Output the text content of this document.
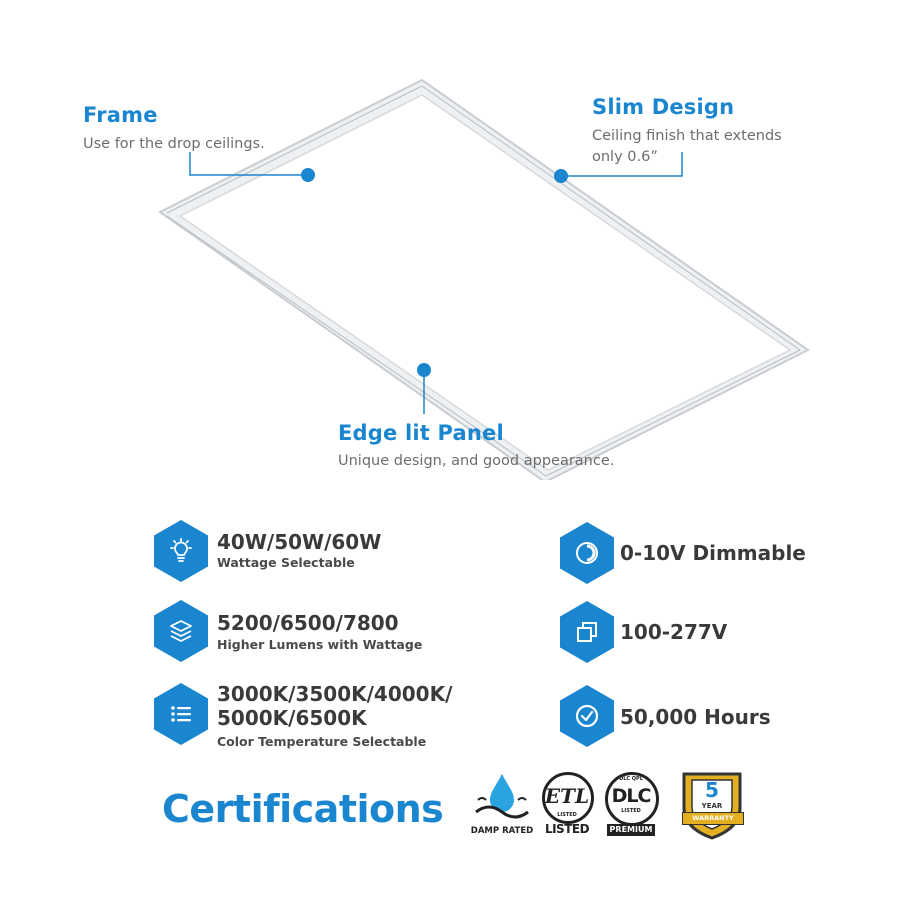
Frame
Use for the drop ceilings.
Slim Design
Ceiling finish that extends
only 0.6”
Edge lit Panel
Unique design, and good appearance.
40W/50W/60W
Wattage Selectable
5200/6500/7800
Higher Lumens with Wattage
3000K/3500K/4000K/
5000K/6500K
Color Temperature Selectable
0-10V Dimmable
100-277V
50,000 Hours
Certifications	DAMP RATED
ETL
LISTED
LISTED
DLC QPL
DLC
LISTED
PREMIUM
5
YEAR
WARRANTY
